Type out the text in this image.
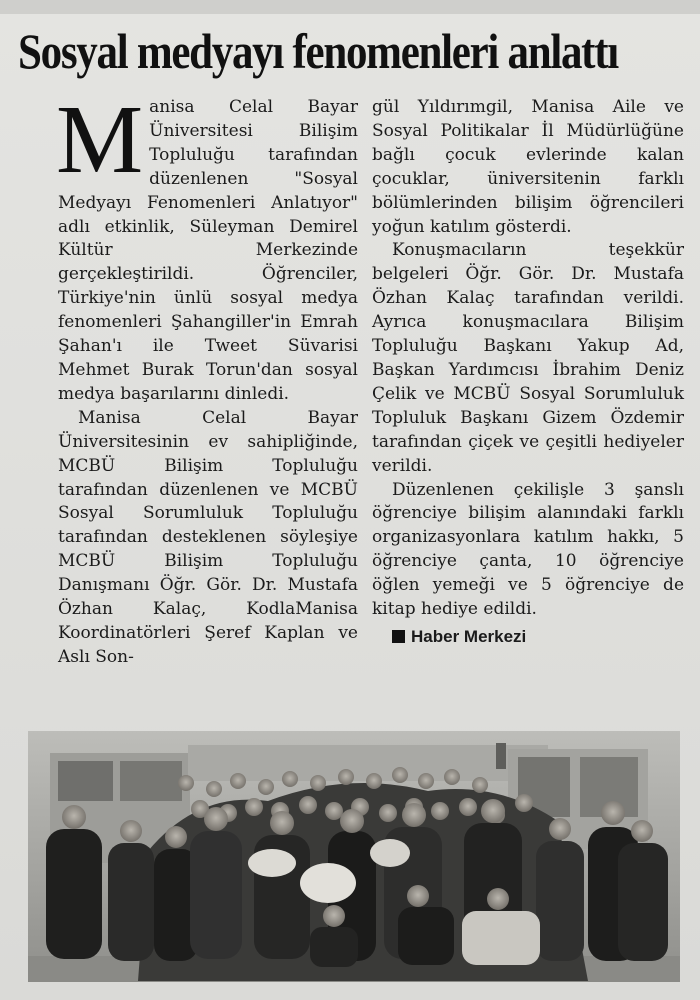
Sosyal medyayı fenomenleri anlattı

Manisa Celal Bayar Üniversitesi Bilişim Topluluğu tarafından düzenlenen "Sosyal Medyayı Fenomenleri Anlatıyor" adlı etkinlik, Süleyman Demirel Kültür Merkezinde gerçekleştirildi. Öğrenciler, Türkiye'nin ünlü sosyal medya fenomenleri Şahangiller'in Emrah Şahan'ı ile Tweet Süvarisi Mehmet Burak Torun'dan sosyal medya başarılarını dinledi.

Manisa Celal Bayar Üniversitesinin ev sahipliğinde, MCBÜ Bilişim Topluluğu tarafından düzenlenen ve MCBÜ Sosyal Sorumluluk Topluluğu tarafından desteklenen söyleşiye MCBÜ Bilişim Topluluğu Danışmanı Öğr. Gör. Dr. Mustafa Özhan Kalaç, KodlaManisa Koordinatörleri Şeref Kaplan ve Aslı Son-

gül Yıldırımgil, Manisa Aile ve Sosyal Politikalar İl Müdürlüğüne bağlı çocuk evlerinde kalan çocuklar, üniversitenin farklı bölümlerinden bilişim öğrencileri yoğun katılım gösterdi.

Konuşmacıların teşekkür belgeleri Öğr. Gör. Dr. Mustafa Özhan Kalaç tarafından verildi. Ayrıca konuşmacılara Bilişim Topluluğu Başkanı Yakup Ad, Başkan Yardımcısı İbrahim Deniz Çelik ve MCBÜ Sosyal Sorumluluk Topluluk Başkanı Gizem Özdemir tarafından çiçek ve çeşitli hediyeler verildi.

Düzenlenen çekilişle 3 şanslı öğrenciye bilişim alanındaki farklı organizasyonlara katılım hakkı, 5 öğrenciye çanta, 10 öğrenciye öğlen yemeği ve 5 öğrenciye de kitap hediye edildi.

Haber Merkezi
